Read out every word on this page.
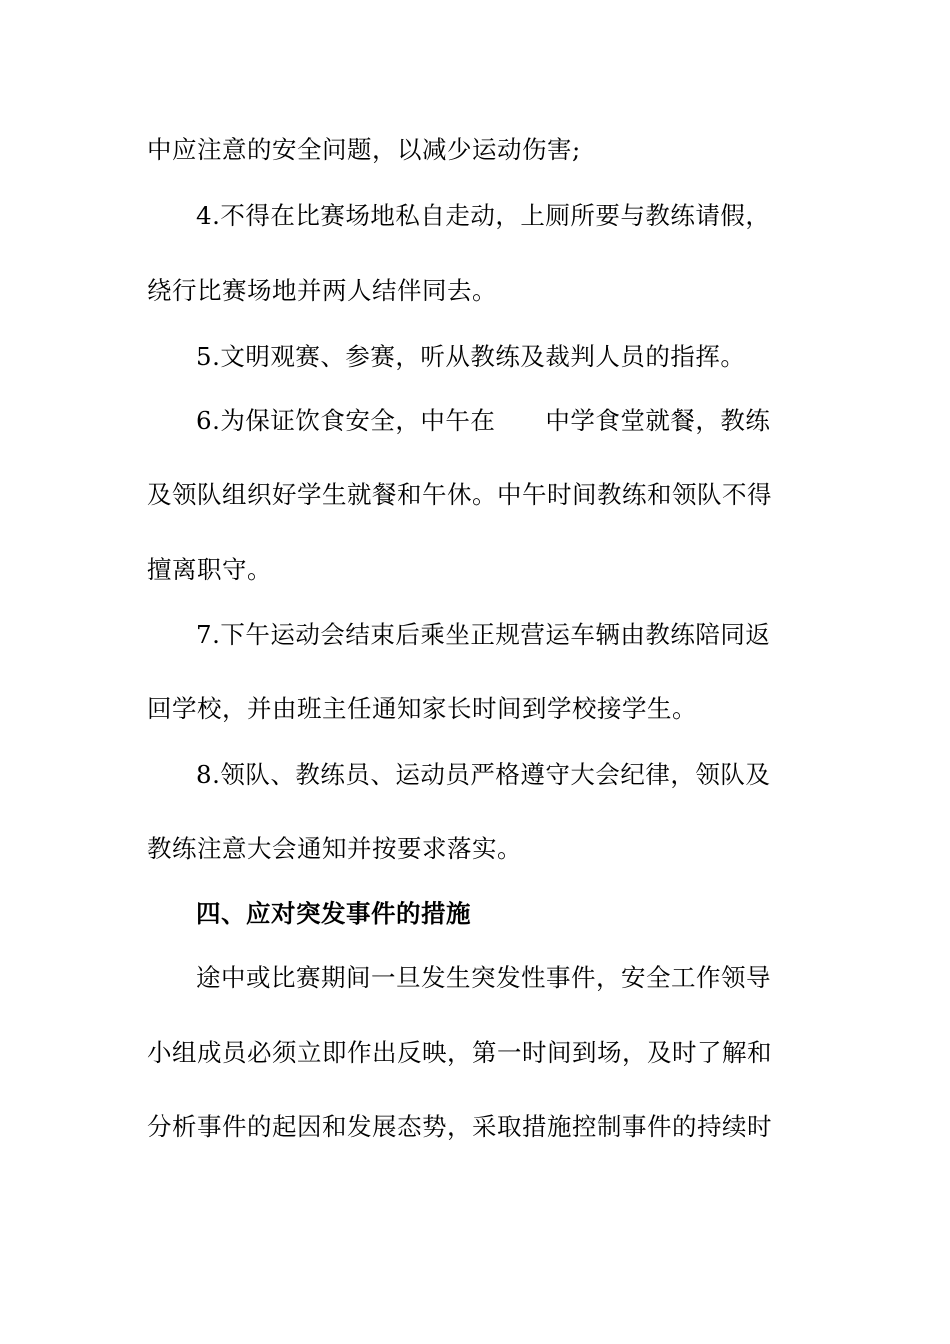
中应注意的安全问题，以减少运动伤害;
4.不得在比赛场地私自走动，上厕所要与教练请假，
绕行比赛场地并两人结伴同去。
5.文明观赛、参赛，听从教练及裁判人员的指挥。
6.为保证饮食安全，中午在　　中学食堂就餐，教练
及领队组织好学生就餐和午休。中午时间教练和领队不得
擅离职守。
7.下午运动会结束后乘坐正规营运车辆由教练陪同返
回学校，并由班主任通知家长时间到学校接学生。
8.领队、教练员、运动员严格遵守大会纪律，领队及
教练注意大会通知并按要求落实。
四、应对突发事件的措施
途中或比赛期间一旦发生突发性事件，安全工作领导
小组成员必须立即作出反映，第一时间到场，及时了解和
分析事件的起因和发展态势，采取措施控制事件的持续时
